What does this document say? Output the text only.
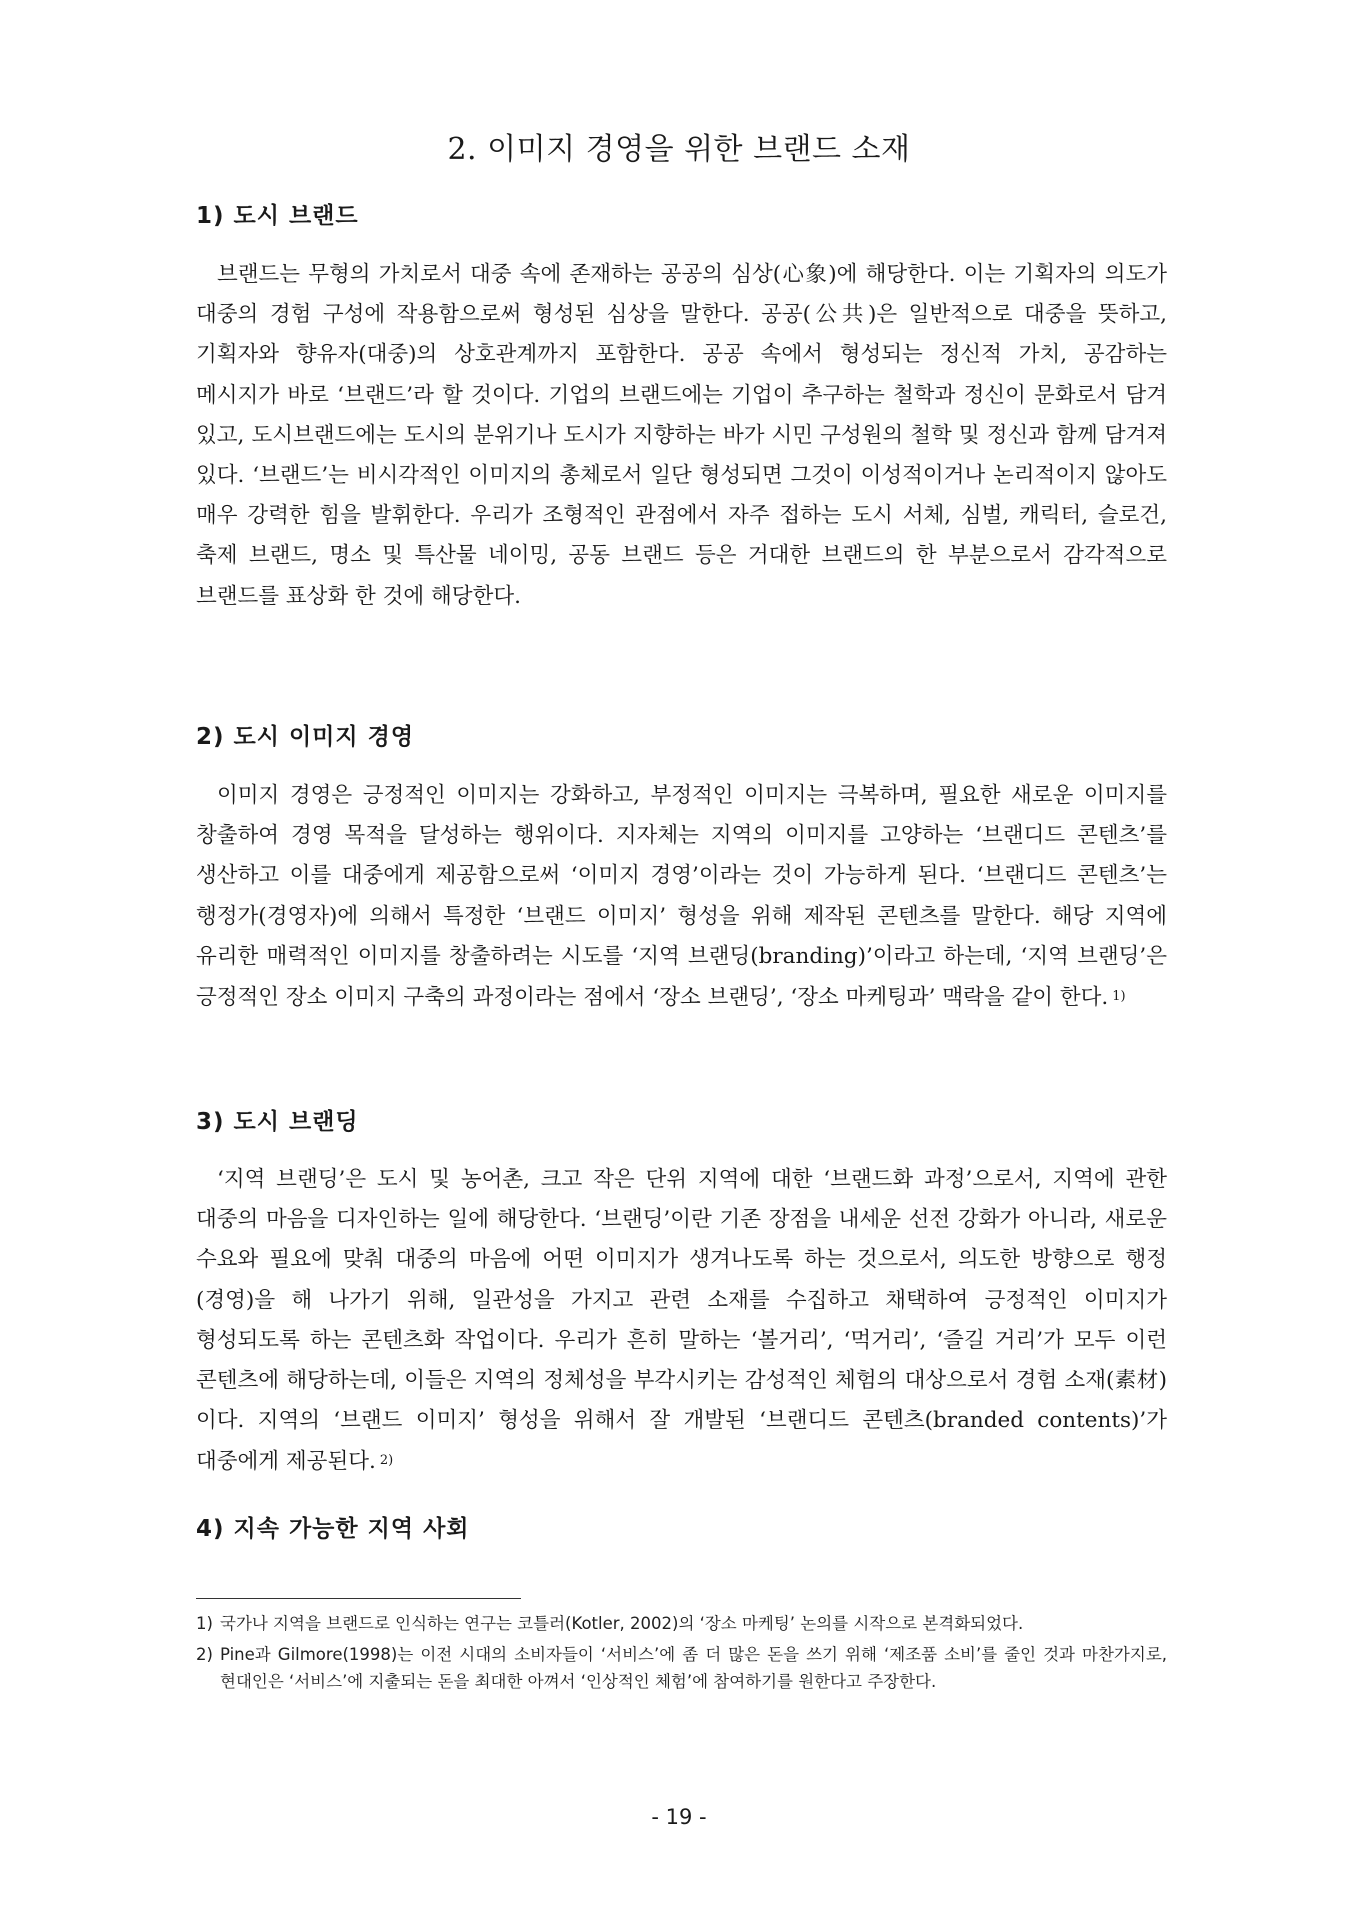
2. 이미지 경영을 위한 브랜드 소재
1) 도시 브랜드

브랜드는 무형의 가치로서 대중 속에 존재하는 공공의 심상(心象)에 해당한다. 이는 기획자의 의도가 대중의 경험 구성에 작용함으로써 형성된 심상을 말한다. 공공(公共)은 일반적으로 대중을 뜻하고, 기획자와 향유자(대중)의 상호관계까지 포함한다. 공공 속에서 형성되는 정신적 가치, 공감하는 메시지가 바로 ‘브랜드’라 할 것이다. 기업의 브랜드에는 기업이 추구하는 철학과 정신이 문화로서 담겨 있고, 도시브랜드에는 도시의 분위기나 도시가 지향하는 바가 시민 구성원의 철학 및 정신과 함께 담겨져 있다. ‘브랜드’는 비시각적인 이미지의 총체로서 일단 형성되면 그것이 이성적이거나 논리적이지 않아도 매우 강력한 힘을 발휘한다. 우리가 조형적인 관점에서 자주 접하는 도시 서체, 심벌, 캐릭터, 슬로건, 축제 브랜드, 명소 및 특산물 네이밍, 공동 브랜드 등은 거대한 브랜드의 한 부분으로서 감각적으로 브랜드를 표상화 한 것에 해당한다.

2) 도시 이미지 경영

이미지 경영은 긍정적인 이미지는 강화하고, 부정적인 이미지는 극복하며, 필요한 새로운 이미지를 창출하여 경영 목적을 달성하는 행위이다. 지자체는 지역의 이미지를 고양하는 ‘브랜디드 콘텐츠’를 생산하고 이를 대중에게 제공함으로써 ‘이미지 경영’이라는 것이 가능하게 된다. ‘브랜디드 콘텐츠’는 행정가(경영자)에 의해서 특정한 ‘브랜드 이미지’ 형성을 위해 제작된 콘텐츠를 말한다. 해당 지역에 유리한 매력적인 이미지를 창출하려는 시도를 ‘지역 브랜딩(branding)’이라고 하는데, ‘지역 브랜딩’은 긍정적인 장소 이미지 구축의 과정이라는 점에서 ‘장소 브랜딩’, ‘장소 마케팅과’ 맥락을 같이 한다. $^{1)}$

3) 도시 브랜딩

‘지역 브랜딩’은 도시 및 농어촌, 크고 작은 단위 지역에 대한 ‘브랜드화 과정’으로서, 지역에 관한 대중의 마음을 디자인하는 일에 해당한다. ‘브랜딩’이란 기존 장점을 내세운 선전 강화가 아니라, 새로운 수요와 필요에 맞춰 대중의 마음에 어떤 이미지가 생겨나도록 하는 것으로서, 의도한 방향으로 행정(경영)을 해 나가기 위해, 일관성을 가지고 관련 소재를 수집하고 채택하여 긍정적인 이미지가 형성되도록 하는 콘텐츠화 작업이다. 우리가 흔히 말하는 ‘볼거리’, ‘먹거리’, ‘즐길 거리’가 모두 이런 콘텐츠에 해당하는데, 이들은 지역의 정체성을 부각시키는 감성적인 체험의 대상으로서 경험 소재(素材)이다. 지역의 ‘브랜드 이미지’ 형성을 위해서 잘 개발된 ‘브랜디드 콘텐츠(branded contents)’가 대중에게 제공된다. $^{2)}$

4) 지속 가능한 지역 사회
1) 국가나 지역을 브랜드로 인식하는 연구는 코틀러(Kotler, 2002)의 ‘장소 마케팅’ 논의를 시작으로 본격화되었다.
2) Pine과 Gilmore(1998)는 이전 시대의 소비자들이 ‘서비스’에 좀 더 많은 돈을 쓰기 위해 ‘제조품 소비’를 줄인 것과 마찬가지로, 현대인은 ‘서비스’에 지출되는 돈을 최대한 아껴서 ‘인상적인 체험’에 참여하기를 원한다고 주장한다.
- 19 -
